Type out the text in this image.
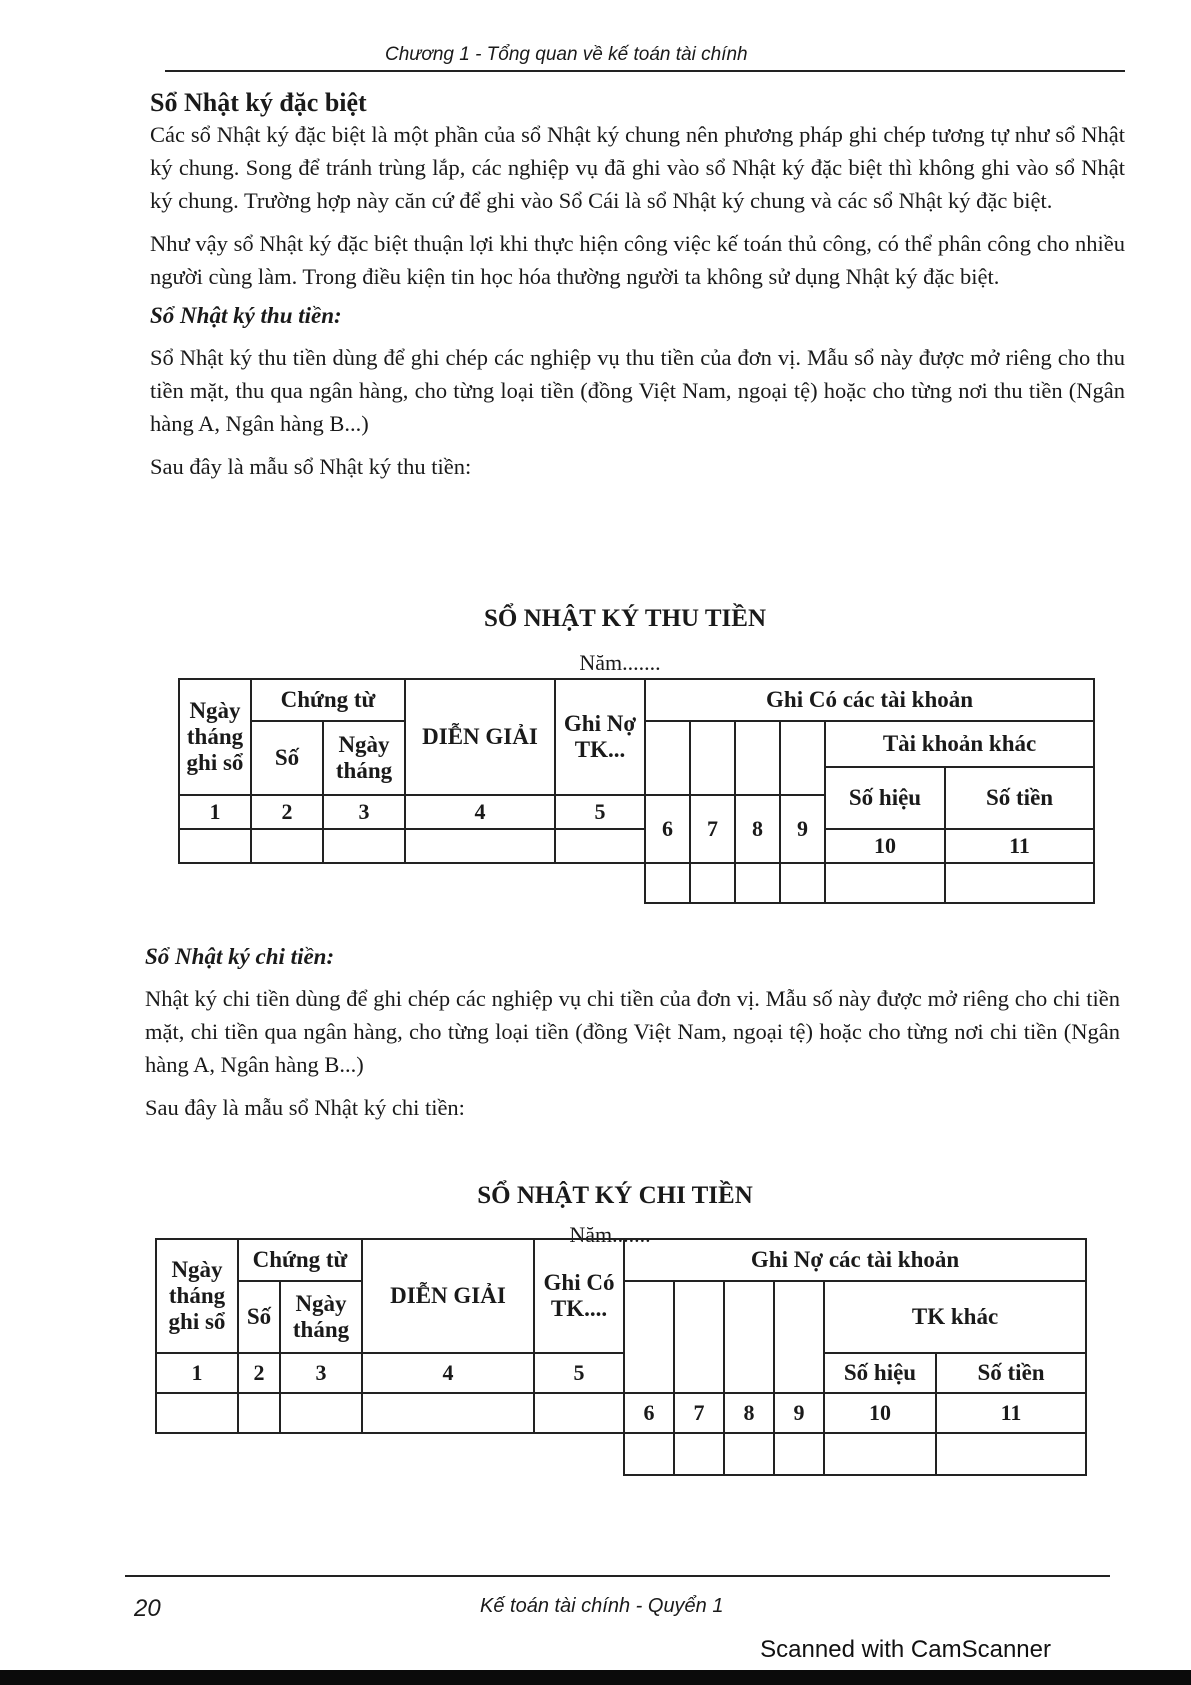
Chương 1 - Tổng quan về kế toán tài chính

Sổ Nhật ký đặc biệt

Các sổ Nhật ký đặc biệt là một phần của sổ Nhật ký chung nên phương pháp ghi chép tương tự như sổ Nhật ký chung. Song để tránh trùng lắp, các nghiệp vụ đã ghi vào sổ Nhật ký đặc biệt thì không ghi vào sổ Nhật ký chung. Trường hợp này căn cứ để ghi vào Sổ Cái là sổ Nhật ký chung và các sổ Nhật ký đặc biệt.

Như vậy sổ Nhật ký đặc biệt thuận lợi khi thực hiện công việc kế toán thủ công, có thể phân công cho nhiều người cùng làm. Trong điều kiện tin học hóa thường người ta không sử dụng Nhật ký đặc biệt.

Sổ Nhật ký thu tiền:

Sổ Nhật ký thu tiền dùng để ghi chép các nghiệp vụ thu tiền của đơn vị. Mẫu sổ này được mở riêng cho thu tiền mặt, thu qua ngân hàng, cho từng loại tiền (đồng Việt Nam, ngoại tệ) hoặc cho từng nơi thu tiền (Ngân hàng A, Ngân hàng B...)

Sau đây là mẫu sổ Nhật ký thu tiền:

SỔ NHẬT KÝ THU TIỀN
Năm.......
Ngày tháng ghi sổ	Chứng từ		DIỄN GIẢI	Ghi Nợ TK...	Ghi Có các tài khoản					
	Số	Ngày tháng							Tài khoản khác	
									Số hiệu	Số tiền
1	2	3	4	5	6	7	8	9		
									10	11

Sổ Nhật ký chi tiền:

Nhật ký chi tiền dùng để ghi chép các nghiệp vụ chi tiền của đơn vị. Mẫu số này được mở riêng cho chi tiền mặt, chi tiền qua ngân hàng, cho từng loại tiền (đồng Việt Nam, ngoại tệ) hoặc cho từng nơi chi tiền (Ngân hàng A, Ngân hàng B...)

Sau đây là mẫu sổ Nhật ký chi tiền:

SỔ NHẬT KÝ CHI TIỀN
Năm.......
Ngày tháng ghi sổ	Chứng từ		DIỄN GIẢI	Ghi Có TK....	Ghi Nợ các tài khoản					
	Số	Ngày tháng							TK khác	
1	2	3	4	5					Số hiệu	Số tiền
					6	7	8	9	10	11

20	Kế toán tài chính - Quyển 1
Scanned with CamScanner
